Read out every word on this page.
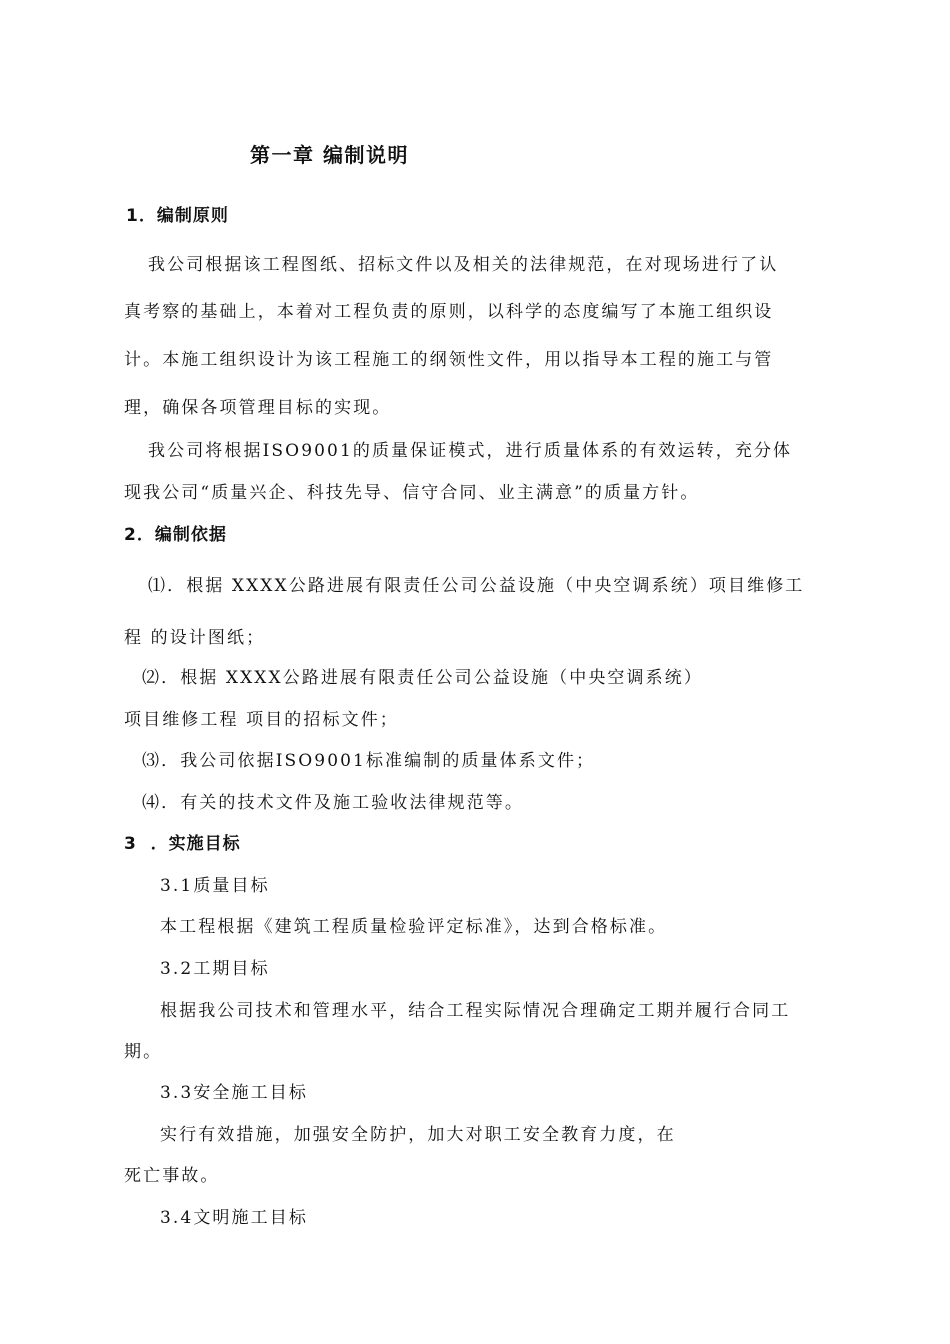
第一章 编制说明
1．编制原则
我公司根据该工程图纸、招标文件以及相关的法律规范，在对现场进行了认
真考察的基础上，本着对工程负责的原则，以科学的态度编写了本施工组织设
计。本施工组织设计为该工程施工的纲领性文件，用以指导本工程的施工与管
理，确保各项管理目标的实现。
我公司将根据ISO9001的质量保证模式，进行质量体系的有效运转，充分体
现我公司“质量兴企、科技先导、信守合同、业主满意”的质量方针。
2．编制依据
⑴．根据 XXXX公路进展有限责任公司公益设施（中央空调系统）项目维修工
程 的设计图纸；
⑵．根据 XXXX公路进展有限责任公司公益设施（中央空调系统）
项目维修工程 项目的招标文件；
⑶．我公司依据ISO9001标准编制的质量体系文件；
⑷．有关的技术文件及施工验收法律规范等。
3  ．实施目标
3.1质量目标
本工程根据《建筑工程质量检验评定标准》，达到合格标准。
3.2工期目标
根据我公司技术和管理水平，结合工程实际情况合理确定工期并履行合同工
期。
3.3安全施工目标
实行有效措施，加强安全防护，加大对职工安全教育力度，在
死亡事故。
3.4文明施工目标
